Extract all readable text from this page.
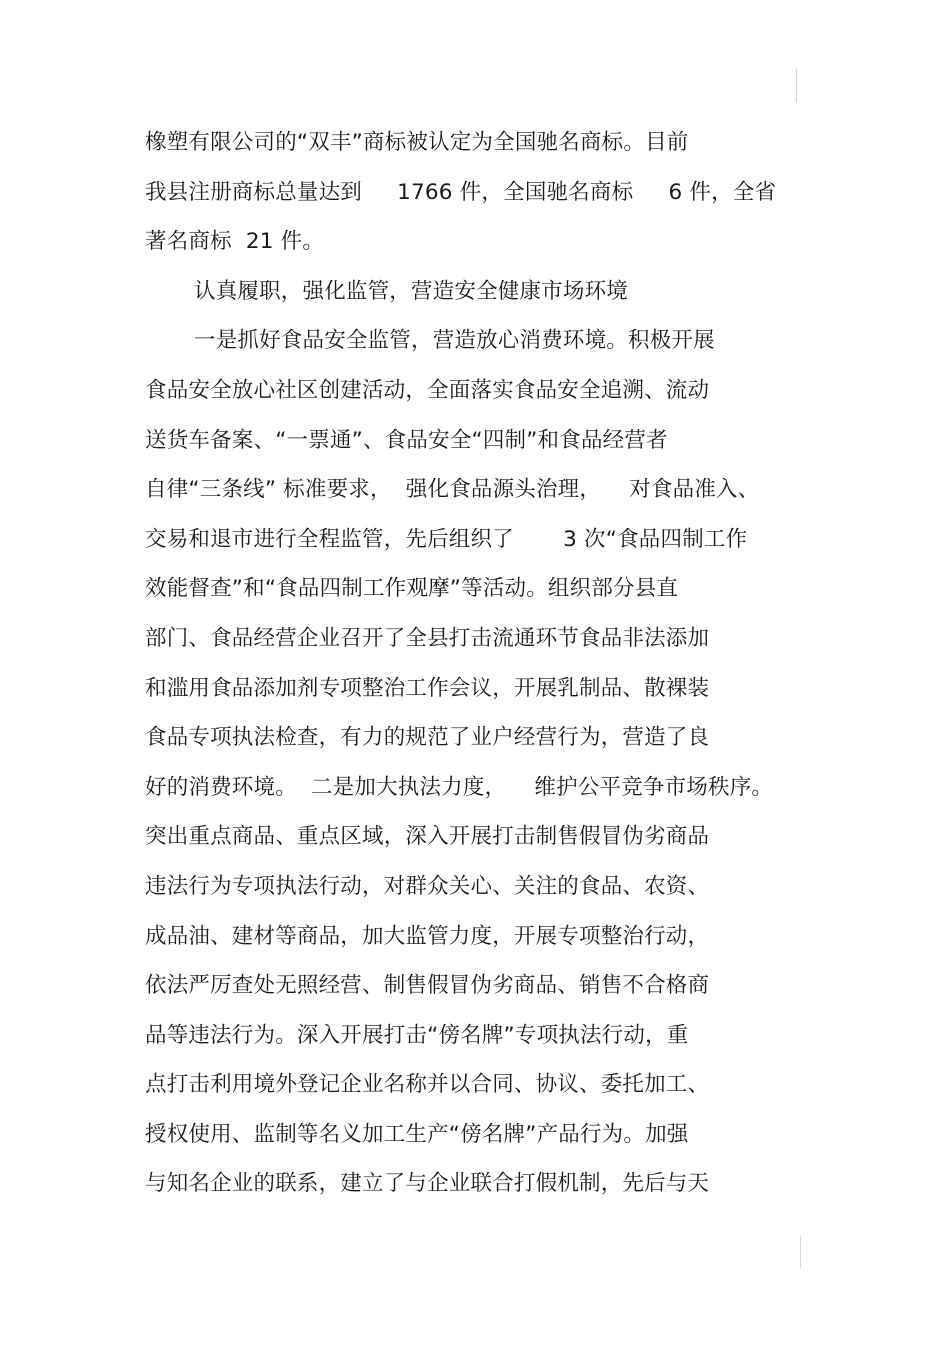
橡塑有限公司的“双丰”商标被认定为全国驰名商标。目前
我县注册商标总量达到     1766 件，全国驰名商标     6 件，全省
著名商标  21 件。
认真履职，强化监管，营造安全健康市场环境
一是抓好食品安全监管，营造放心消费环境。积极开展
食品安全放心社区创建活动，全面落实食品安全追溯、流动
送货车备案、“一票通”、食品安全“四制”和食品经营者
自律“三条线” 标准要求，  强化食品源头治理，    对食品准入、
交易和退市进行全程监管，先后组织了       3 次“食品四制工作
效能督查”和“食品四制工作观摩”等活动。组织部分县直
部门、食品经营企业召开了全县打击流通环节食品非法添加
和滥用食品添加剂专项整治工作会议，开展乳制品、散裸装
食品专项执法检查，有力的规范了业户经营行为，营造了良
好的消费环境。  二是加大执法力度，    维护公平竞争市场秩序。
突出重点商品、重点区域，深入开展打击制售假冒伪劣商品
违法行为专项执法行动，对群众关心、关注的食品、农资、
成品油、建材等商品，加大监管力度，开展专项整治行动，
依法严厉查处无照经营、制售假冒伪劣商品、销售不合格商
品等违法行为。深入开展打击“傍名牌”专项执法行动，重
点打击利用境外登记企业名称并以合同、协议、委托加工、
授权使用、监制等名义加工生产“傍名牌”产品行为。加强
与知名企业的联系，建立了与企业联合打假机制，先后与天
